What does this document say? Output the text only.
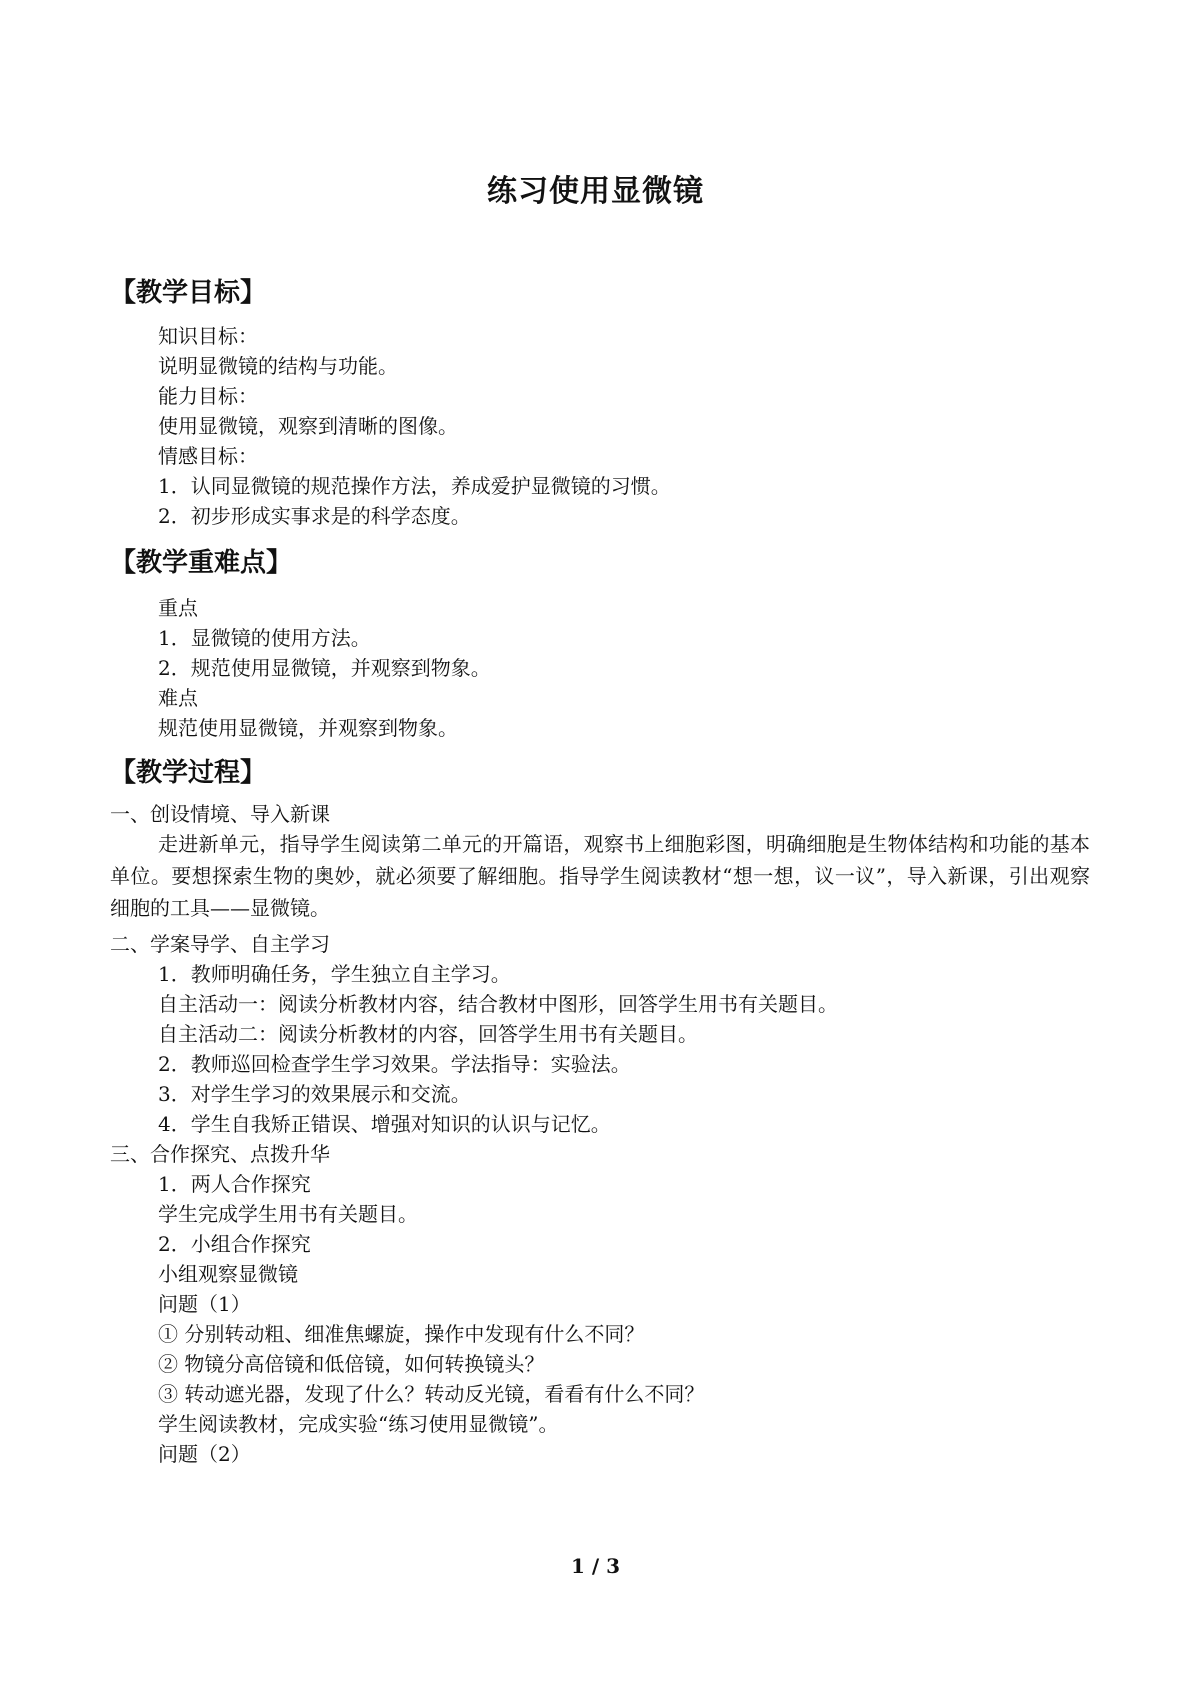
练习使用显微镜
【教学目标】

知识目标：

说明显微镜的结构与功能。

能力目标：

使用显微镜，观察到清晰的图像。

情感目标：

1．认同显微镜的规范操作方法，养成爱护显微镜的习惯。

2．初步形成实事求是的科学态度。

【教学重难点】

重点

1．显微镜的使用方法。

2．规范使用显微镜，并观察到物象。

难点

规范使用显微镜，并观察到物象。

【教学过程】

一、创设情境、导入新课

走进新单元，指导学生阅读第二单元的开篇语，观察书上细胞彩图，明确细胞是生物体结构和功能的基本单位。要想探索生物的奥妙，就必须要了解细胞。指导学生阅读教材“想一想，议一议”，导入新课，引出观察细胞的工具——显微镜。

二、学案导学、自主学习

1．教师明确任务，学生独立自主学习。

自主活动一：阅读分析教材内容，结合教材中图形，回答学生用书有关题目。

自主活动二：阅读分析教材的内容，回答学生用书有关题目。

2．教师巡回检查学生学习效果。学法指导：实验法。

3．对学生学习的效果展示和交流。

4．学生自我矫正错误、增强对知识的认识与记忆。

三、合作探究、点拨升华

1．两人合作探究

学生完成学生用书有关题目。

2．小组合作探究

小组观察显微镜

问题（1）

① 分别转动粗、细准焦螺旋，操作中发现有什么不同？

② 物镜分高倍镜和低倍镜，如何转换镜头？

③ 转动遮光器，发现了什么？转动反光镜，看看有什么不同？

学生阅读教材，完成实验“练习使用显微镜”。

问题（2）

1 / 3
